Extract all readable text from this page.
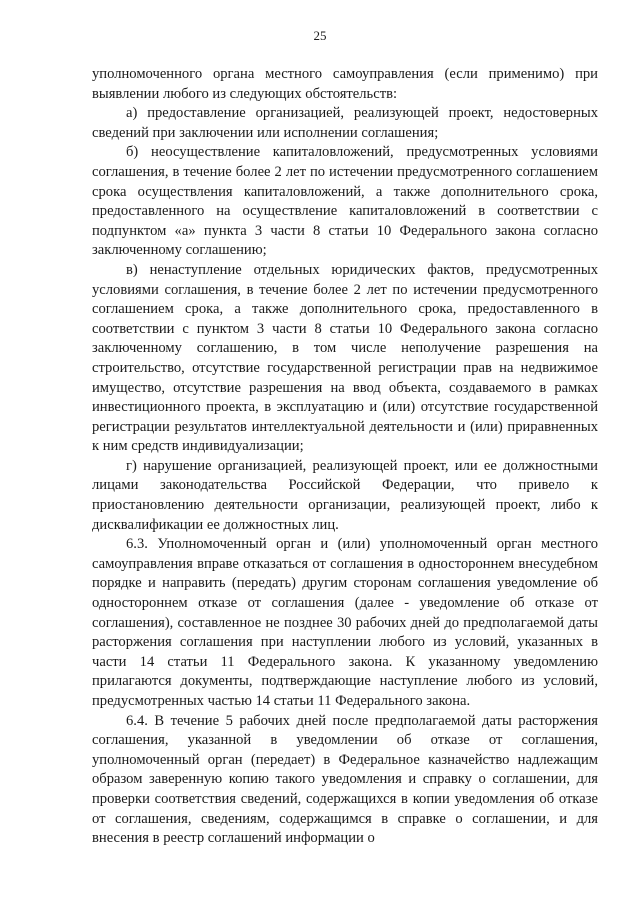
25

уполномоченного органа местного самоуправления (если применимо) при выявлении любого из следующих обстоятельств:

а) предоставление организацией, реализующей проект, недостоверных сведений при заключении или исполнении соглашения;

б) неосуществление капиталовложений, предусмотренных условиями соглашения, в течение более 2 лет по истечении предусмотренного соглашением срока осуществления капиталовложений, а также дополнительного срока, предоставленного на осуществление капиталовложений в соответствии с подпунктом «а» пункта 3 части 8 статьи 10 Федерального закона согласно заключенному соглашению;

в) ненаступление отдельных юридических фактов, предусмотренных условиями соглашения, в течение более 2 лет по истечении предусмотренного соглашением срока, а также дополнительного срока, предоставленного в соответствии с пунктом 3 части 8 статьи 10 Федерального закона согласно заключенному соглашению, в том числе неполучение разрешения на строительство, отсутствие государственной регистрации прав на недвижимое имущество, отсутствие разрешения на ввод объекта, создаваемого в рамках инвестиционного проекта, в эксплуатацию и (или) отсутствие государственной регистрации результатов интеллектуальной деятельности и (или) приравненных к ним средств индивидуализации;

г) нарушение организацией, реализующей проект, или ее должностными лицами законодательства Российской Федерации, что привело к приостановлению деятельности организации, реализующей проект, либо к дисквалификации ее должностных лиц.

6.3. Уполномоченный орган и (или) уполномоченный орган местного самоуправления вправе отказаться от соглашения в одностороннем внесудебном порядке и направить (передать) другим сторонам соглашения уведомление об одностороннем отказе от соглашения (далее - уведомление об отказе от соглашения), составленное не позднее 30 рабочих дней до предполагаемой даты расторжения соглашения при наступлении любого из условий, указанных в части 14 статьи 11 Федерального закона. К указанному уведомлению прилагаются документы, подтверждающие наступление любого из условий, предусмотренных частью 14 статьи 11 Федерального закона.

6.4. В течение 5 рабочих дней после предполагаемой даты расторжения соглашения, указанной в уведомлении об отказе от соглашения, уполномоченный орган (передает) в Федеральное казначейство надлежащим образом заверенную копию такого уведомления и справку о соглашении, для проверки соответствия сведений, содержащихся в копии уведомления об отказе от соглашения, сведениям, содержащимся в справке о соглашении, и для внесения в реестр соглашений информации о
